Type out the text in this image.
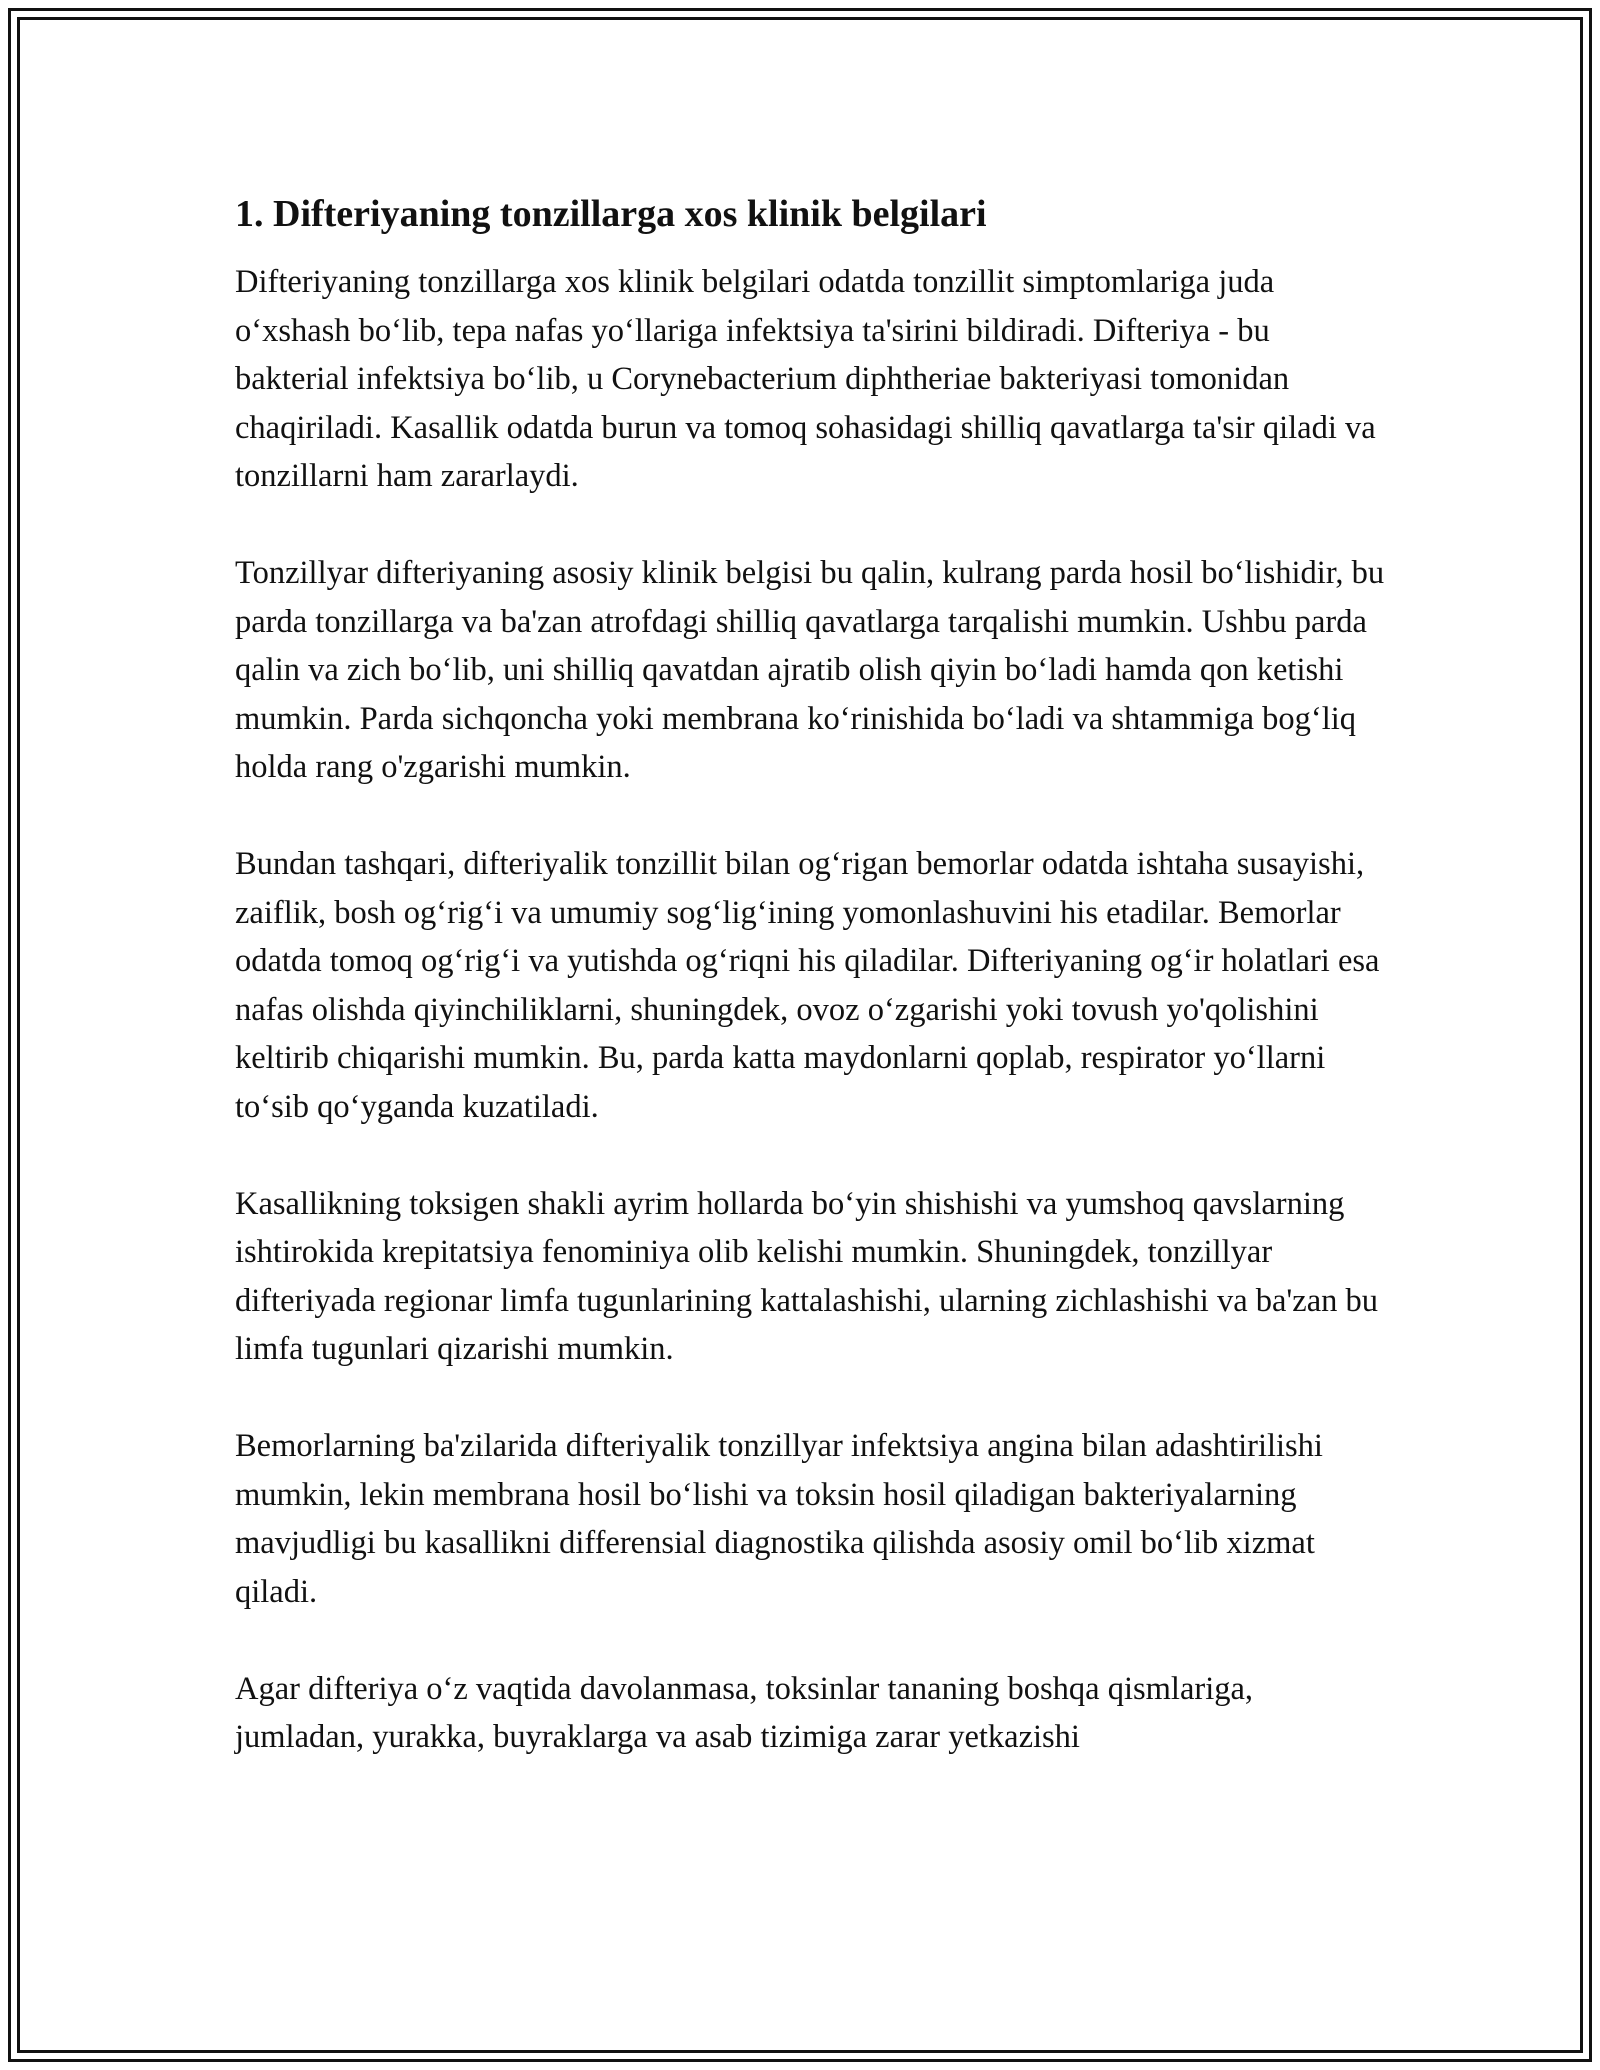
1. Difteriyaning tonzillarga xos klinik belgilari

Difteriyaning tonzillarga xos klinik belgilari odatda tonzillit simptomlariga juda o‘xshash bo‘lib, tepa nafas yo‘llariga infektsiya ta'sirini bildiradi. Difteriya - bu bakterial infektsiya bo‘lib, u Corynebacterium diphtheriae bakteriyasi tomonidan chaqiriladi. Kasallik odatda burun va tomoq sohasidagi shilliq qavatlarga ta'sir qiladi va tonzillarni ham zararlaydi.

Tonzillyar difteriyaning asosiy klinik belgisi bu qalin, kulrang parda hosil bo‘lishidir, bu parda tonzillarga va ba'zan atrofdagi shilliq qavatlarga tarqalishi mumkin. Ushbu parda qalin va zich bo‘lib, uni shilliq qavatdan ajratib olish qiyin bo‘ladi hamda qon ketishi mumkin. Parda sichqoncha yoki membrana ko‘rinishida bo‘ladi va shtammiga bog‘liq holda rang o'zgarishi mumkin.

Bundan tashqari, difteriyalik tonzillit bilan og‘rigan bemorlar odatda ishtaha susayishi, zaiflik, bosh og‘rig‘i va umumiy sog‘lig‘ining yomonlashuvini his etadilar. Bemorlar odatda tomoq og‘rig‘i va yutishda og‘riqni his qiladilar. Difteriyaning og‘ir holatlari esa nafas olishda qiyinchiliklarni, shuningdek, ovoz o‘zgarishi yoki tovush yo'qolishini keltirib chiqarishi mumkin. Bu, parda katta maydonlarni qoplab, respirator yo‘llarni to‘sib qo‘yganda kuzatiladi.

Kasallikning toksigen shakli ayrim hollarda bo‘yin shishishi va yumshoq qavslarning ishtirokida krepitatsiya fenominiya olib kelishi mumkin. Shuningdek, tonzillyar difteriyada regionar limfa tugunlarining kattalashishi, ularning zichlashishi va ba'zan bu limfa tugunlari qizarishi mumkin.

Bemorlarning ba'zilarida difteriyalik tonzillyar infektsiya angina bilan adashtirilishi mumkin, lekin membrana hosil bo‘lishi va toksin hosil qiladigan bakteriyalarning mavjudligi bu kasallikni differensial diagnostika qilishda asosiy omil bo‘lib xizmat qiladi.

Agar difteriya o‘z vaqtida davolanmasa, toksinlar tananing boshqa qismlariga, jumladan, yurakka, buyraklarga va asab tizimiga zarar yetkazishi
